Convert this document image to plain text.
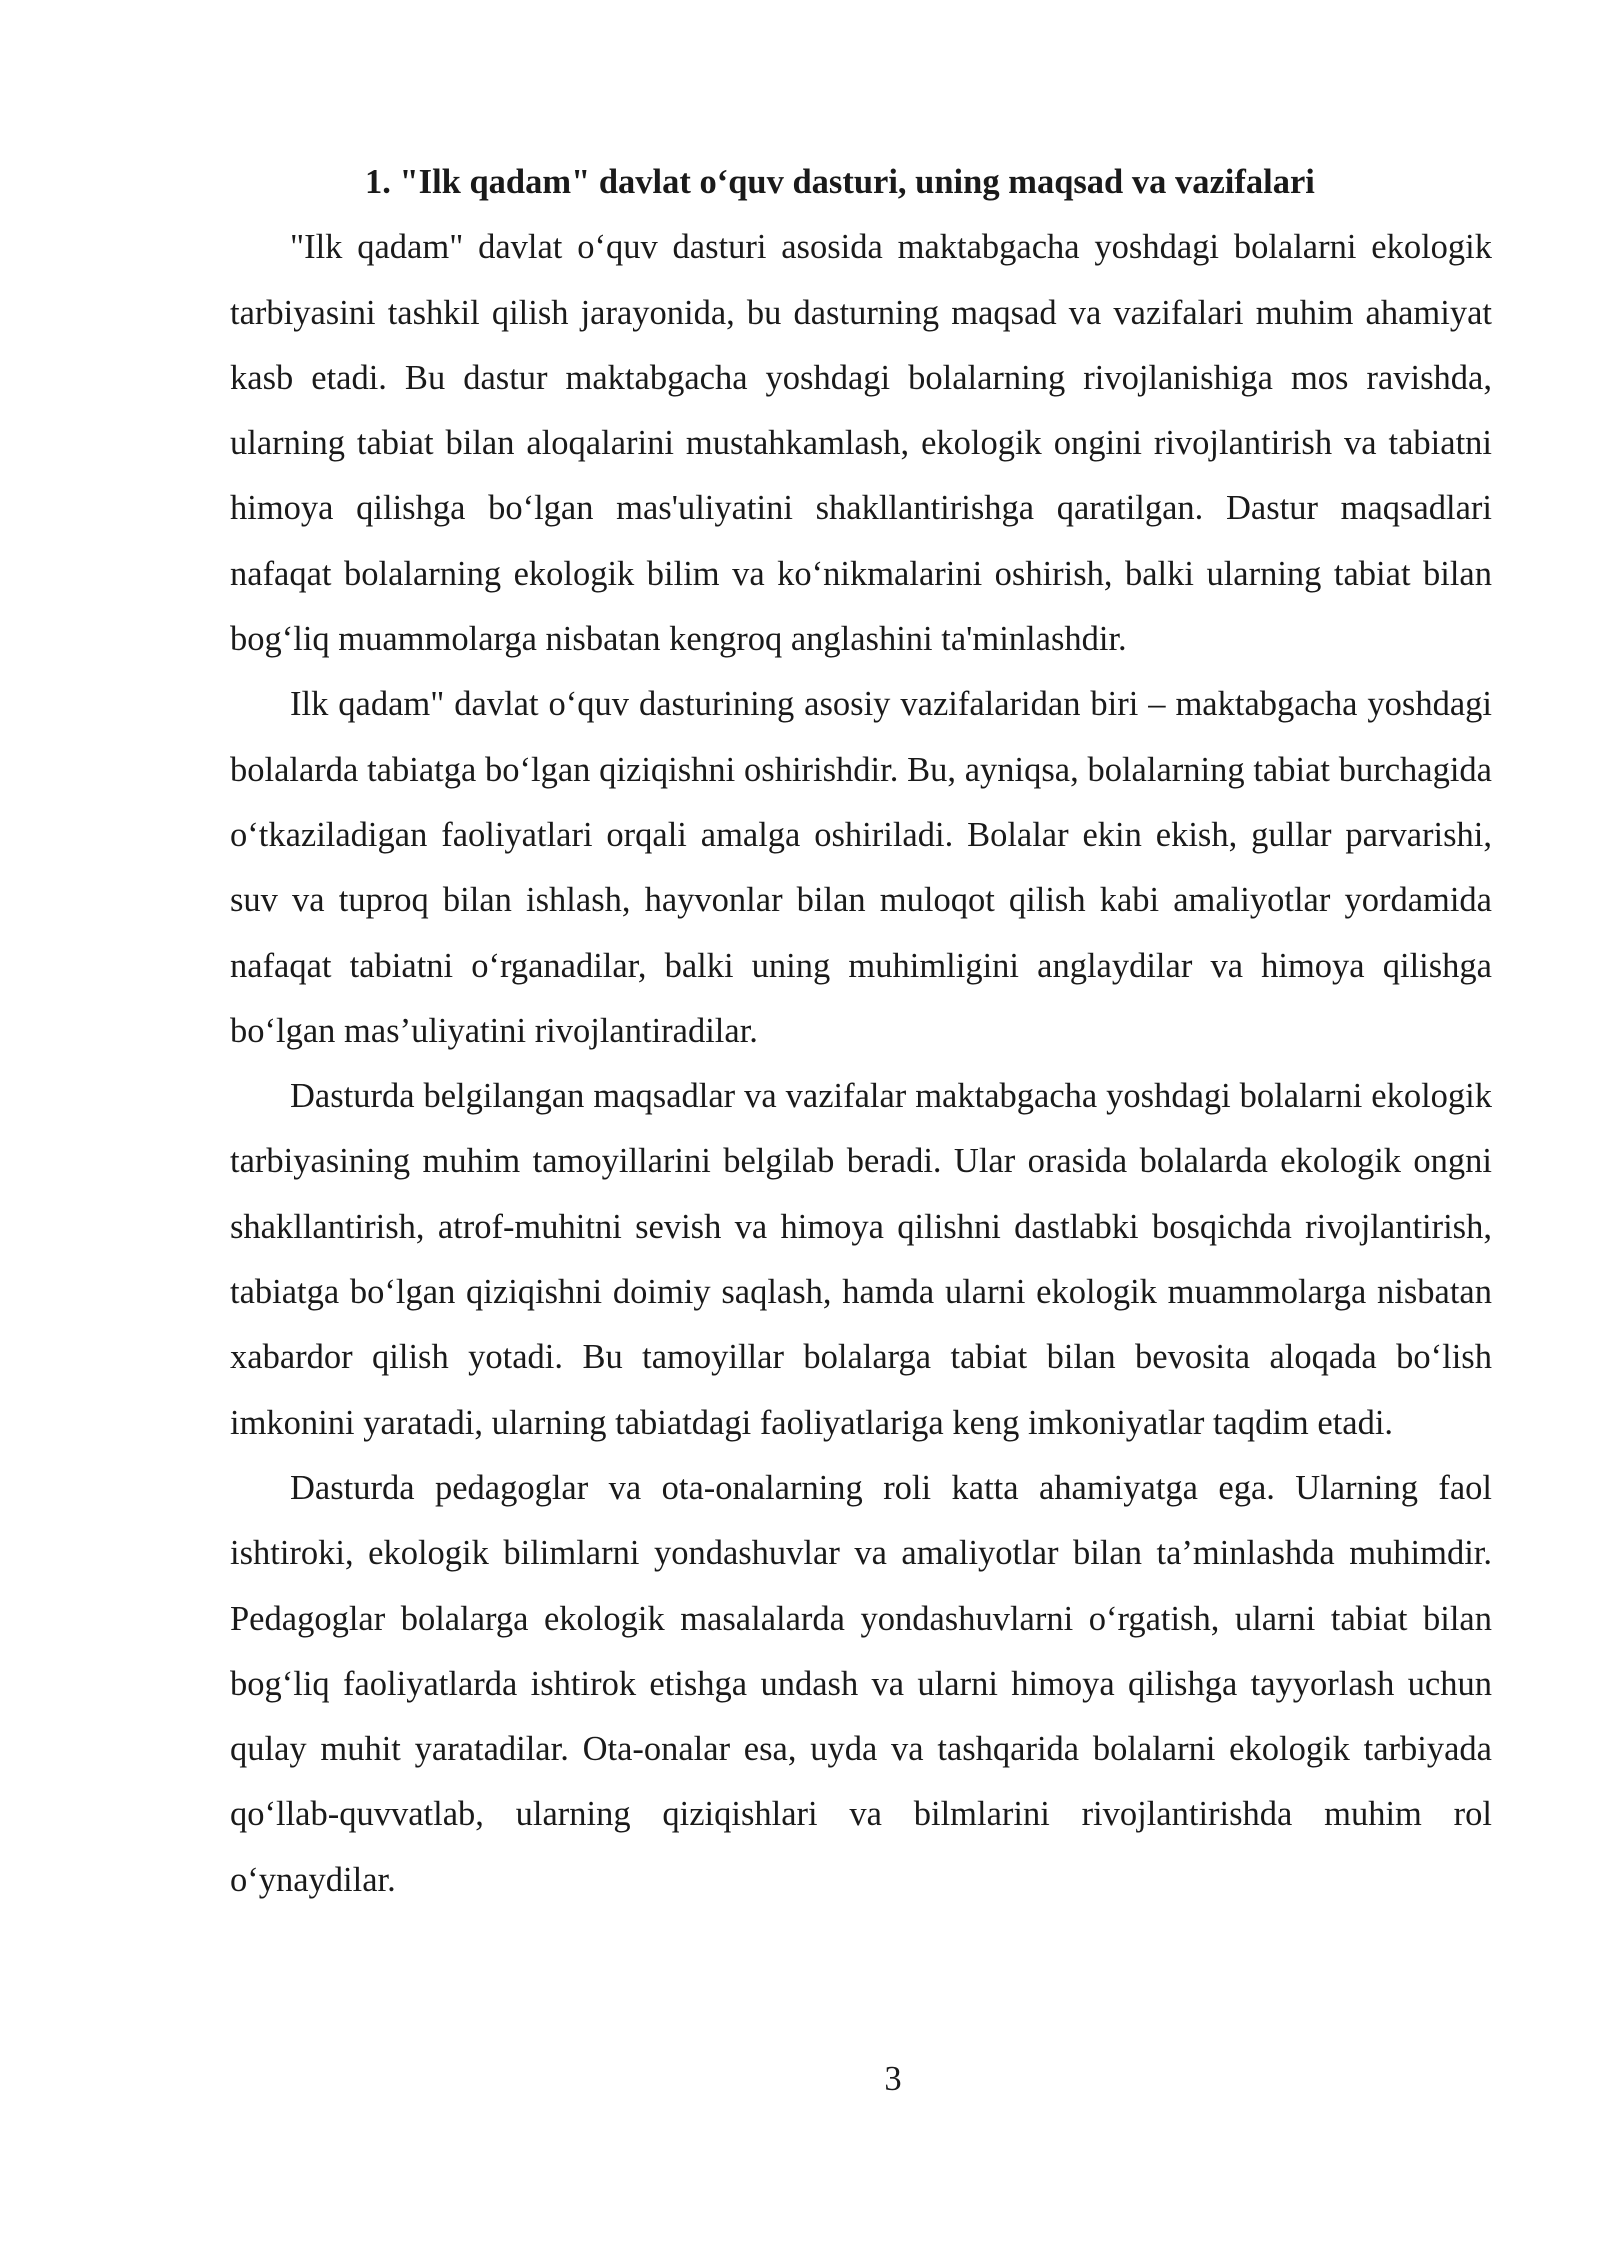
1. "Ilk qadam" davlat o‘quv dasturi, uning maqsad va vazifalari

"Ilk qadam" davlat o‘quv dasturi asosida maktabgacha yoshdagi bolalarni ekologik tarbiyasini tashkil qilish jarayonida, bu dasturning maqsad va vazifalari muhim ahamiyat kasb etadi. Bu dastur maktabgacha yoshdagi bolalarning rivojlanishiga mos ravishda, ularning tabiat bilan aloqalarini mustahkamlash, ekologik ongini rivojlantirish va tabiatni himoya qilishga bo‘lgan mas'uliyatini shakllantirishga qaratilgan. Dastur maqsadlari nafaqat bolalarning ekologik bilim va ko‘nikmalarini oshirish, balki ularning tabiat bilan bog‘liq muammolarga nisbatan kengroq anglashini ta'minlashdir.

Ilk qadam" davlat o‘quv dasturining asosiy vazifalaridan biri – maktabgacha yoshdagi bolalarda tabiatga bo‘lgan qiziqishni oshirishdir. Bu, ayniqsa, bolalarning tabiat burchagida o‘tkaziladigan faoliyatlari orqali amalga oshiriladi. Bolalar ekin ekish, gullar parvarishi, suv va tuproq bilan ishlash, hayvonlar bilan muloqot qilish kabi amaliyotlar yordamida nafaqat tabiatni o‘rganadilar, balki uning muhimligini anglaydilar va himoya qilishga bo‘lgan mas’uliyatini rivojlantiradilar.

Dasturda belgilangan maqsadlar va vazifalar maktabgacha yoshdagi bolalarni ekologik tarbiyasining muhim tamoyillarini belgilab beradi. Ular orasida bolalarda ekologik ongni shakllantirish, atrof-muhitni sevish va himoya qilishni dastlabki bosqichda rivojlantirish, tabiatga bo‘lgan qiziqishni doimiy saqlash, hamda ularni ekologik muammolarga nisbatan xabardor qilish yotadi. Bu tamoyillar bolalarga tabiat bilan bevosita aloqada bo‘lish imkonini yaratadi, ularning tabiatdagi faoliyatlariga keng imkoniyatlar taqdim etadi.

Dasturda pedagoglar va ota-onalarning roli katta ahamiyatga ega. Ularning faol ishtiroki, ekologik bilimlarni yondashuvlar va amaliyotlar bilan ta’minlashda muhimdir. Pedagoglar bolalarga ekologik masalalarda yondashuvlarni o‘rgatish, ularni tabiat bilan bog‘liq faoliyatlarda ishtirok etishga undash va ularni himoya qilishga tayyorlash uchun qulay muhit yaratadilar. Ota-onalar esa, uyda va tashqarida bolalarni ekologik tarbiyada qo‘llab-quvvatlab, ularning qiziqishlari va bilmlarini rivojlantirishda muhim rol o‘ynaydilar.

3
